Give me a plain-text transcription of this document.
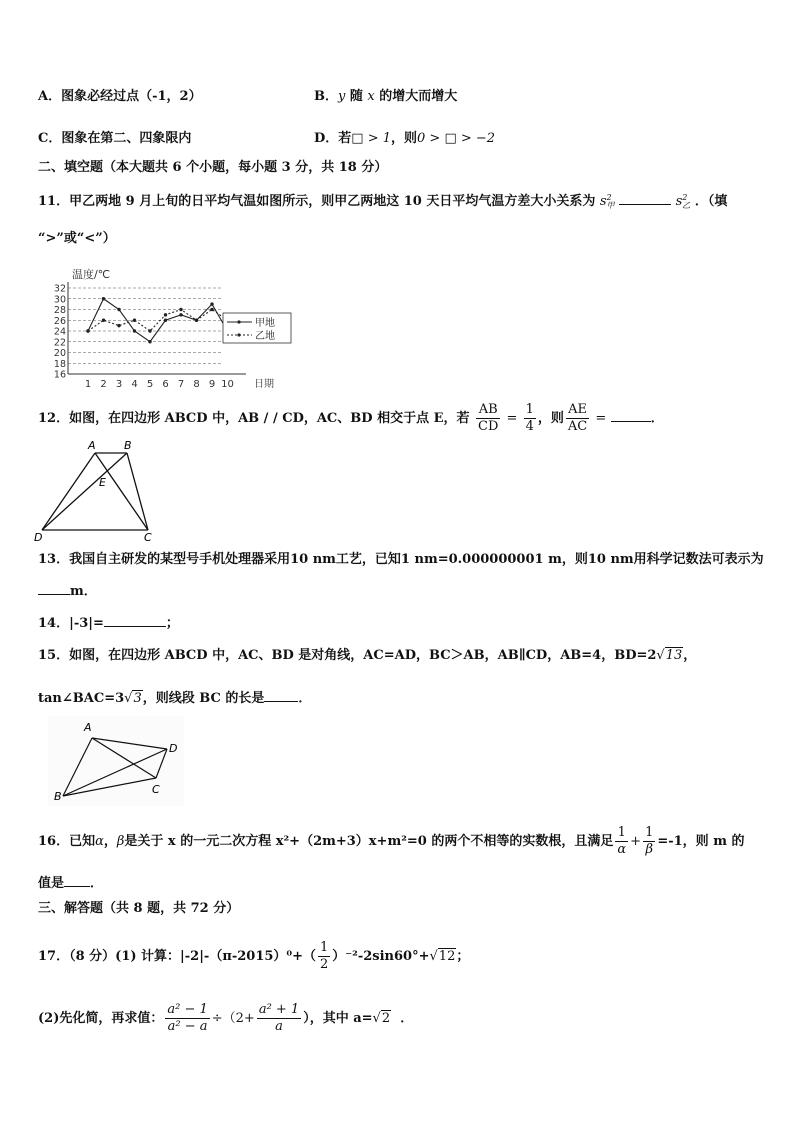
A．图象必经过点（-1，2）	B．y 随 x 的增大而增大
C．图象在第二、四象限内	D．若□ > 1，则0 > □ > −2
二、填空题（本大题共 6 个小题，每小题 3 分，共 18 分）
11．甲乙两地 9 月上旬的日平均气温如图所示，则甲乙两地这 10 天日平均气温方差大小关系为 s 2
甲	s 2
乙 ．（填
“>”或“<”）
温度/℃
日期
32
30
28
26
24
22
20
18
16
1 2 3 4 5 6 7 8 9 10
甲地
乙地
12．如图，在四边形 ABCD 中，AB / / CD，AC、BD 相交于点 E，若 $\frac{AB}{CD} = \frac{1}{4}$ ，则 $\frac{AE}{AC}$ =	．
A	B
E
D	C
13．我国自主研发的某型号手机处理器采用10 nm工艺，已知1 nm=0.000000001 m，则10 nm用科学记数法可表示为
m．
14．|-3|=	；
15．如图，在四边形 ABCD 中，AC、BD 是对角线，AC=AD，BC＞AB，AB∥CD，AB=4，BD=2√13，
tan∠BAC=3√3，则线段 BC 的长是	．
A
D
C
B
16．已知α，β是关于 x 的一元二次方程 x²+（2m+3）x+m²=0 的两个不相等的实数根，且满足 $\frac{1}{\alpha} + \frac{1}{\beta} =-1$，则 m 的
值是 ．
三、解答题（共 8 题，共 72 分）
17．（8 分）(1) 计算：$|-2|-(\pi-2015)^0+( \frac{1}{2} )^{-2}-2\sin 60^\circ+√12$；
(2)先化简，再求值： $\frac{\text{a² − 1}}{\text{a² − a}} \div(2+ \frac{\text{a² + 1}}{a}$ ），其中 a=√2 ．
